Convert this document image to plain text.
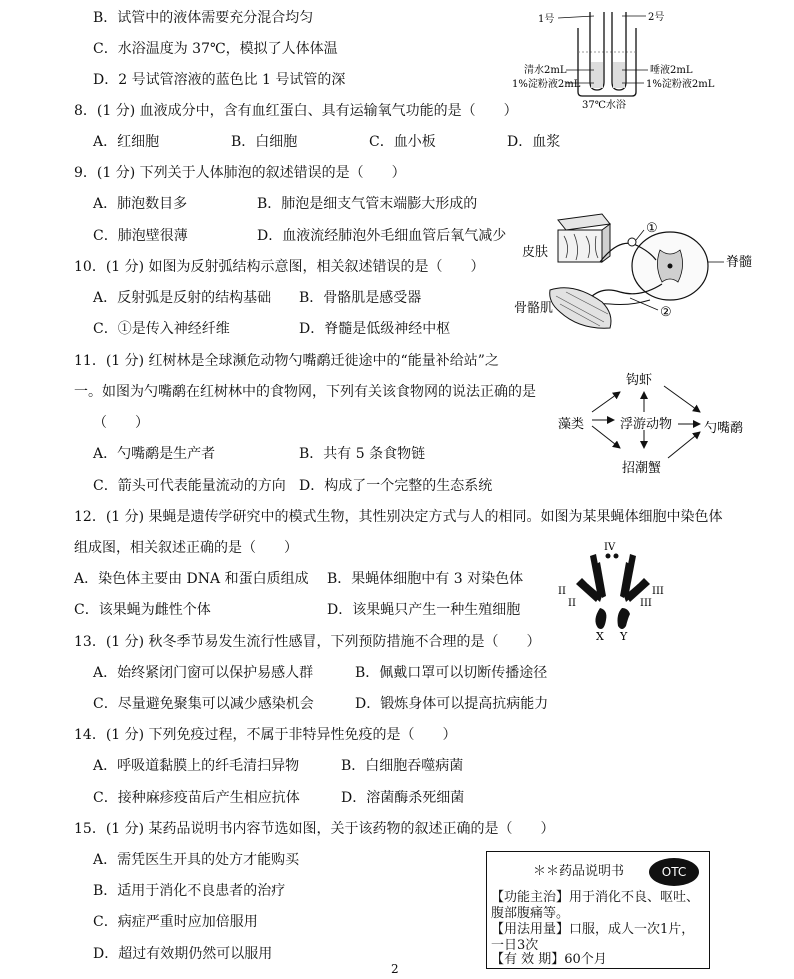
B．试管中的液体需要充分混合均匀
C．水浴温度为 37℃，模拟了人体体温
D．2 号试管溶液的蓝色比 1 号试管的深
1号	2号
清水2mL
1%淀粉液2mL
唾液2mL
1%淀粉液2mL
37℃水浴
8．(1 分) 血液成分中，含有血红蛋白、具有运输氧气功能的是（　　）
A．红细胞	B．白细胞	C．血小板	D．血浆
9．(1 分) 下列关于人体肺泡的叙述错误的是（　　）
A．肺泡数目多	B．肺泡是细支气管末端膨大形成的
C．肺泡壁很薄	D．血液流经肺泡外毛细血管后氧气减少
10．(1 分) 如图为反射弧结构示意图，相关叙述错误的是（　　）
A．反射弧是反射的结构基础 B．骨骼肌是感受器
C．①是传入神经纤维	D．脊髓是低级神经中枢
①
②
皮肤
骨骼肌
脊髓
11．(1 分) 红树林是全球濒危动物勺嘴鹬迁徙途中的“能量补给站”之
一。如图为勺嘴鹬在红树林中的食物网，下列有关该食物网的说法正确的是
（　　）
A．勺嘴鹬是生产者	B．共有 5 条食物链
C．箭头可代表能量流动的方向 D．构成了一个完整的生态系统
钩虾
藻类	浮游动物 勺嘴鹬
招潮蟹
12．(1 分) 果蝇是遗传学研究中的模式生物，其性别决定方式与人的相同。如图为某果蝇体细胞中染色体
组成图，相关叙述正确的是（　　）
A．染色体主要由 DNA 和蛋白质组成 B．果蝇体细胞中有 3 对染色体
C．该果蝇为雌性个体	D．该果蝇只产生一种生殖细胞
IV
II
II
III
III
X Y
13．(1 分) 秋冬季节易发生流行性感冒，下列预防措施不合理的是（　　）
A．始终紧闭门窗可以保护易感人群	B．佩戴口罩可以切断传播途径
C．尽量避免聚集可以减少感染机会	D．锻炼身体可以提高抗病能力
14．(1 分) 下列免疫过程，不属于非特异性免疫的是（　　）
A．呼吸道黏膜上的纤毛清扫异物	B．白细胞吞噬病菌
C．接种麻疹疫苗后产生相应抗体	D．溶菌酶杀死细菌
15．(1 分) 某药品说明书内容节选如图，关于该药物的叙述正确的是（　　）
A．需凭医生开具的处方才能购买
B．适用于消化不良患者的治疗
C．病症严重时应加倍服用
D．超过有效期仍然可以服用
＊＊药品说明书	OTC
【功能主治】用于消化不良、呕吐、
腹部腹痛等。
【用法用量】口服，成人一次1片，
一日3次
【有 效 期】60个月
2
